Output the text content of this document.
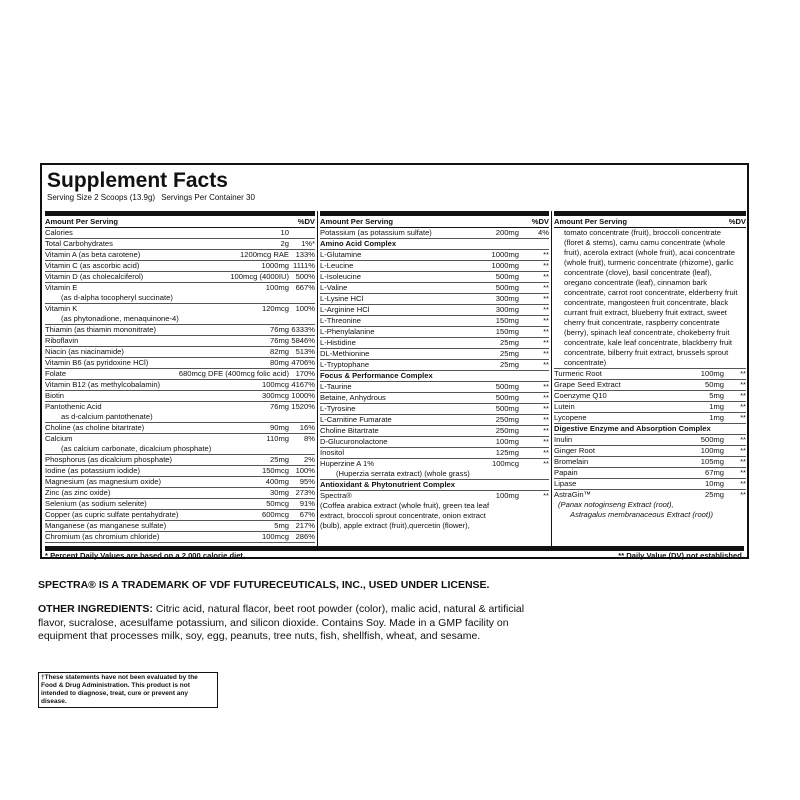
Supplement Facts
Serving Size 2 Scoops (13.9g) Servings Per Container 30
Amount Per Serving	%DV
Calories	10
Total Carbohydrates	2g	1%*
Vitamin A (as beta carotene)	1200mcg RAE 133%
Vitamin C (as ascorbic acid)	1000mg 1111%
Vitamin D (as cholecalciferol)	100mcg (4000IU) 500%
Vitamin E	100mg 667%
(as d-alpha tocopheryl succinate)
Vitamin K	120mcg 100%
(as phytonadione, menaquinone-4)
Thiamin (as thiamin mononitrate)	76mg 6333%
Riboflavin	76mg 5846%
Niacin (as niacinamide)	82mg 513%
Vitamin B6 (as pyridoxine HCl)	80mg 4706%
Folate	680mcg DFE (400mcg folic acid) 170%
Vitamin B12 (as methylcobalamin)	100mcg 4167%
Biotin	300mcg 1000%
Pantothenic Acid	76mg 1520%
as d-calcium pantothenate)
Choline (as choline bitartrate)	90mg	16%
Calcium	110mg	8%
(as calcium carbonate, dicalcium phosphate)
Phosphorus (as dicalcium phosphate)	25mg	2%
Iodine (as potassium iodide)	150mcg 100%
Magnesium (as magnesium oxide)	400mg	95%
Zinc (as zinc oxide)	30mg 273%
Selenium (as sodium selenite)	50mcg	91%
Copper (as cupric sulfate pentahydrate)	600mcg	67%
Manganese (as manganese sulfate)	5mg 217%
Chromium (as chromium chloride)	100mcg 286%
Amount Per Serving	%DV
Potassium (as potassium sulfate)	200mg	4%
Amino Acid Complex
L-Glutamine	1000mg	**
L-Leucine	1000mg	**
L-Isoleucine	500mg	**
L-Valine	500mg	**
L-Lysine HCl	300mg	**
L-Arginine HCl	300mg	**
L-Threonine	150mg	**
L-Phenylalanine	150mg	**
L-Histidine	25mg	**
DL-Methionine	25mg	**
L-Tryptophane	25mg	**
Focus & Performance Complex
L-Taurine	500mg	**
Betaine, Anhydrous	500mg	**
L-Tyrosine	500mg	**
L-Carnitine Fumarate	250mg	**
Choline Bitartrate	250mg	**
D-Glucuronolactone	100mg	**
Inositol	125mg	**
Huperzine A 1%	100mcg	**
(Huperzia serrata extract) (whole grass)
Antioxidant & Phytonutrient Complex
Spectra®	100mg	**
(Coffea arabica extract (whole fruit), green tea leaf extract, broccoli sprout concentrate, onion extract (bulb), apple extract (fruit),quercetin (flower),
Amount Per Serving	%DV
tomato concentrate (fruit), broccoli concentrate (floret & stems), camu camu concentrate (whole fruit), acerola extract (whole fruit), acai concentrate (whole fruit), turmeric concentrate (rhizome), garlic concentrate (clove), basil concentrate (leaf), oregano concentrate (leaf), cinnamon bark concentrate, carrot root concentrate, elderberry fruit concentrate, mangosteen fruit concentrate, black currant fruit extract, blueberry fruit extract, sweet cherry fruit concentrate, raspberry concentrate (berry), spinach leaf concentrate, chokeberry fruit concentrate, kale leaf concentrate, blackberry fruit concentrate, bilberry fruit extract, brussels sprout concentrate)
Turmeric Root	100mg	**
Grape Seed Extract	50mg	**
Coenzyme Q10	5mg	**
Lutein	1mg	**
Lycopene	1mg	**
Digestive Enzyme and Absorption Complex
Inulin	500mg	**
Ginger Root	100mg	**
Bromelain	105mg	**
Papain	67mg	**
Lipase	10mg	**
AstraGin™	25mg	**
(Panax notoginseng Extract (root),
Astragalus membranaceous Extract (root))
* Percent Daily Values are based on a 2,000 calorie diet.	** Daily Value (DV) not established.
SPECTRA® IS A TRADEMARK OF VDF FUTURECEUTICALS, INC., USED UNDER LICENSE.
OTHER INGREDIENTS: Citric acid, natural flacor, beet root powder (color), malic acid, natural & artificial flavor, sucralose, acesulfame potassium, and silicon dioxide. Contains Soy. Made in a GMP facility on equipment that processes milk, soy, egg, peanuts, tree nuts, fish, shellfish, wheat, and sesame.
†These statements have not been evaluated by the Food & Drug Administration. This product is not intended to diagnose, treat, cure or prevent any disease.
